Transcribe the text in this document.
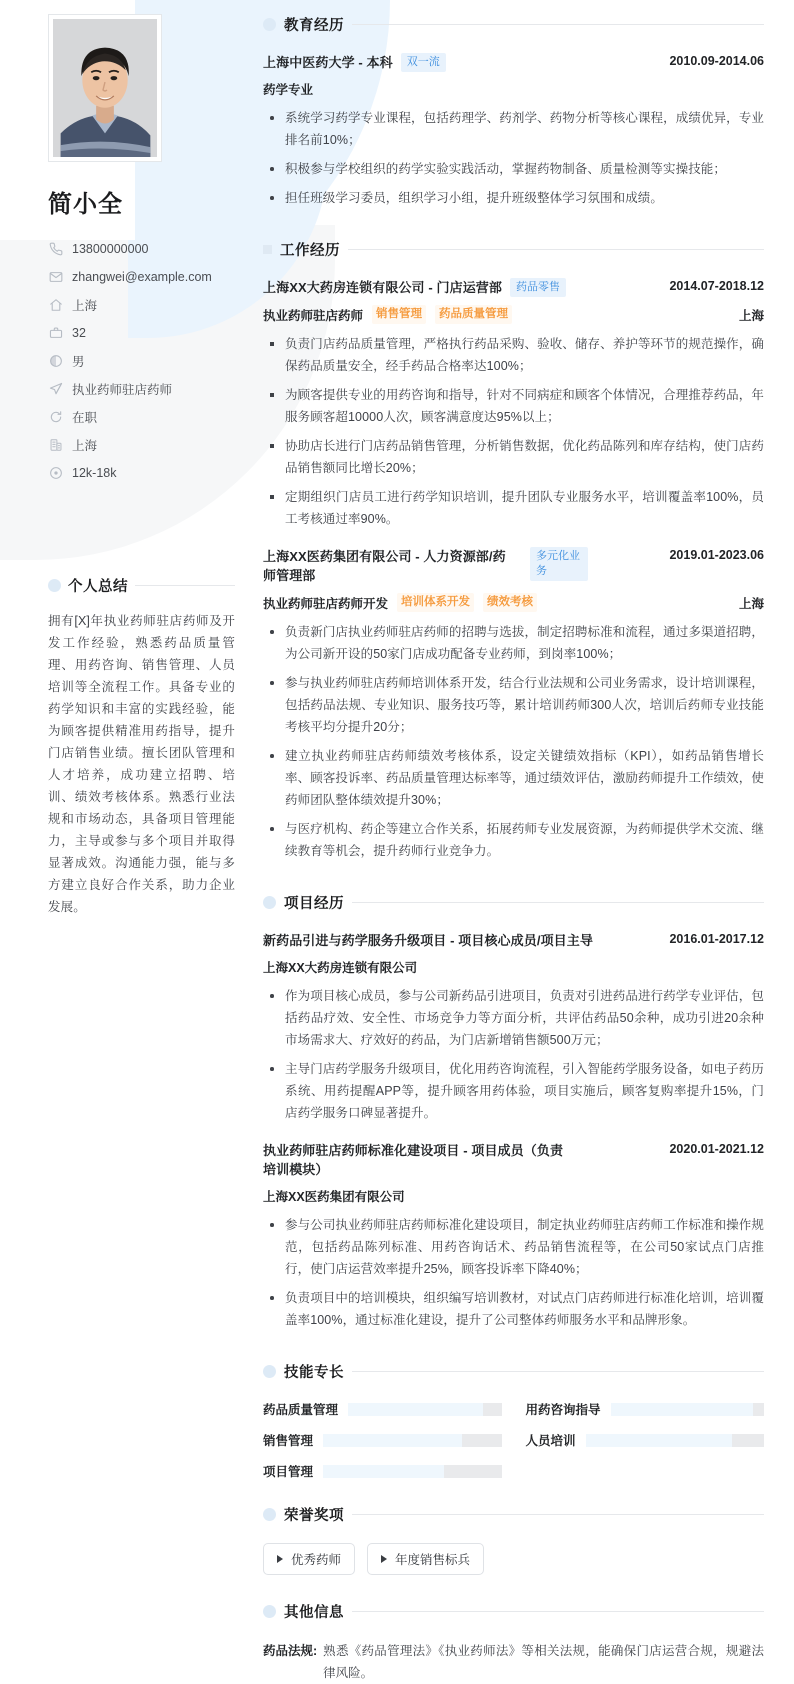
简小全
13800000000
zhangwei@example.com
上海
32
男
执业药师驻店药师
在职
上海
12k-18k
个人总结

拥有[X]年执业药师驻店药师及开发工作经验，熟悉药品质量管理、用药咨询、销售管理、人员培训等全流程工作。具备专业的药学知识和丰富的实践经验，能为顾客提供精准用药指导，提升门店销售业绩。擅长团队管理和人才培养，成功建立招聘、培训、绩效考核体系。熟悉行业法规和市场动态，具备项目管理能力，主导或参与多个项目并取得显著成效。沟通能力强，能与多方建立良好合作关系，助力企业发展。

教育经历
上海中医药大学 - 本科	双一流	2010.09-2014.06
药学专业
系统学习药学专业课程，包括药理学、药剂学、药物分析等核心课程，成绩优异，专业排名前10%；
积极参与学校组织的药学实验实践活动，掌握药物制备、质量检测等实操技能；
担任班级学习委员，组织学习小组，提升班级整体学习氛围和成绩。
工作经历
上海XX大药房连锁有限公司 - 门店运营部	药品零售	2014.07-2018.12
执业药师驻店药师	销售管理	药品质量管理	上海
负责门店药品质量管理，严格执行药品采购、验收、储存、养护等环节的规范操作，确保药品质量安全，经手药品合格率达100%；
为顾客提供专业的用药咨询和指导，针对不同病症和顾客个体情况，合理推荐药品，年服务顾客超10000人次，顾客满意度达95%以上；
协助店长进行门店药品销售管理，分析销售数据，优化药品陈列和库存结构，使门店药品销售额同比增长20%；
定期组织门店员工进行药学知识培训，提升团队专业服务水平，培训覆盖率100%，员工考核通过率90%。
上海XX医药集团有限公司 - 人力资源部/药师管理部
多元化业务
2019.01-2023.06
执业药师驻店药师开发	培训体系开发	绩效考核	上海
负责新门店执业药师驻店药师的招聘与选拔，制定招聘标准和流程，通过多渠道招聘，为公司新开设的50家门店成功配备专业药师，到岗率100%；
参与执业药师驻店药师培训体系开发，结合行业法规和公司业务需求，设计培训课程，包括药品法规、专业知识、服务技巧等，累计培训药师300人次，培训后药师专业技能考核平均分提升20分；
建立执业药师驻店药师绩效考核体系，设定关键绩效指标（KPI），如药品销售增长率、顾客投诉率、药品质量管理达标率等，通过绩效评估，激励药师提升工作绩效，使药师团队整体绩效提升30%；
与医疗机构、药企等建立合作关系，拓展药师专业发展资源，为药师提供学术交流、继续教育等机会，提升药师行业竞争力。
项目经历
新药品引进与药学服务升级项目 - 项目核心成员/项目主导	2016.01-2017.12
上海XX大药房连锁有限公司
作为项目核心成员，参与公司新药品引进项目，负责对引进药品进行药学专业评估，包括药品疗效、安全性、市场竞争力等方面分析，共评估药品50余种，成功引进20余种市场需求大、疗效好的药品，为门店新增销售额500万元；
主导门店药学服务升级项目，优化用药咨询流程，引入智能药学服务设备，如电子药历系统、用药提醒APP等，提升顾客用药体验，项目实施后，顾客复购率提升15%，门店药学服务口碑显著提升。
执业药师驻店药师标准化建设项目 - 项目成员（负责培训模块）
2020.01-2021.12
上海XX医药集团有限公司
参与公司执业药师驻店药师标准化建设项目，制定执业药师驻店药师工作标准和操作规范，包括药品陈列标准、用药咨询话术、药品销售流程等，在公司50家试点门店推行，使门店运营效率提升25%，顾客投诉率下降40%；
负责项目中的培训模块，组织编写培训教材，对试点门店药师进行标准化培训，培训覆盖率100%，通过标准化建设，提升了公司整体药师服务水平和品牌形象。
技能专长
药品质量管理	用药咨询指导
销售管理	人员培训
项目管理
荣誉奖项
优秀药师	年度销售标兵
其他信息
药品法规: 熟悉《药品管理法》《执业药师法》等相关法规，能确保门店运营合规，规避法律风险。
